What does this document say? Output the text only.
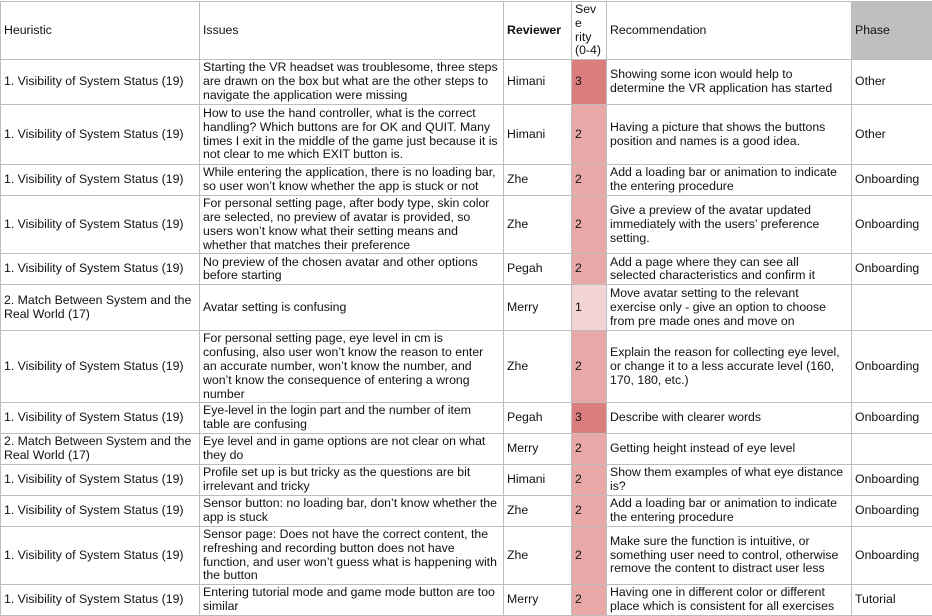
Heuristic	Issues	Reviewer	Seve
rity
(0-4)	Recommendation	Phase
1. Visibility of System Status (19)	Starting the VR headset was troublesome, three steps are drawn on the box but what are the other steps to navigate the application were missing	Himani	3	Showing some icon would help to determine the VR application has started	Other
1. Visibility of System Status (19)	How to use the hand controller, what is the correct handling? Which buttons are for OK and QUIT. Many times I exit in the middle of the game just because it is not clear to me which EXIT button is.	Himani	2	Having a picture that shows the buttons position and names is a good idea.	Other
1. Visibility of System Status (19)	While entering the application, there is no loading bar, so user won’t know whether the app is stuck or not	Zhe	2	Add a loading bar or animation to indicate the entering procedure	Onboarding
1. Visibility of System Status (19)	For personal setting page, after body type, skin color are selected, no preview of avatar is provided, so users won’t know what their setting means and whether that matches their preference	Zhe	2	Give a preview of the avatar updated immediately with the users’ preference setting.	Onboarding
1. Visibility of System Status (19)	No preview of the chosen avatar and other options before starting	Pegah	2	Add a page where they can see all selected characteristics and confirm it	Onboarding
2. Match Between System and the Real World (17)	Avatar setting is confusing	Merry	1	Move avatar setting to the relevant exercise only - give an option to choose from pre made ones and move on	
1. Visibility of System Status (19)	For personal setting page, eye level in cm is confusing, also user won’t know the reason to enter an accurate number, won’t know the number, and won’t know the consequence of entering a wrong number	Zhe	2	Explain the reason for collecting eye level, or change it to a less accurate level (160, 170, 180, etc.)	Onboarding
1. Visibility of System Status (19)	Eye-level in the login part and the number of item table are confusing	Pegah	3	Describe with clearer words	Onboarding
2. Match Between System and the Real World (17)	Eye level and in game options are not clear on what they do	Merry	2	Getting height instead of eye level	
1. Visibility of System Status (19)	Profile set up is but tricky as the questions are bit irrelevant and tricky	Himani	2	Show them examples of what eye distance is?	Onboarding
1. Visibility of System Status (19)	Sensor button: no loading bar, don’t know whether the app is stuck	Zhe	2	Add a loading bar or animation to indicate the entering procedure	Onboarding
1. Visibility of System Status (19)	Sensor page: Does not have the correct content, the refreshing and recording button does not have function, and user won’t guess what is happening with the button	Zhe	2	Make sure the function is intuitive, or something user need to control, otherwise remove the content to distract user less	Onboarding
1. Visibility of System Status (19)	Entering tutorial mode and game mode button are too similar	Merry	2	Having one in different color or different place which is consistent for all exercises	Tutorial
